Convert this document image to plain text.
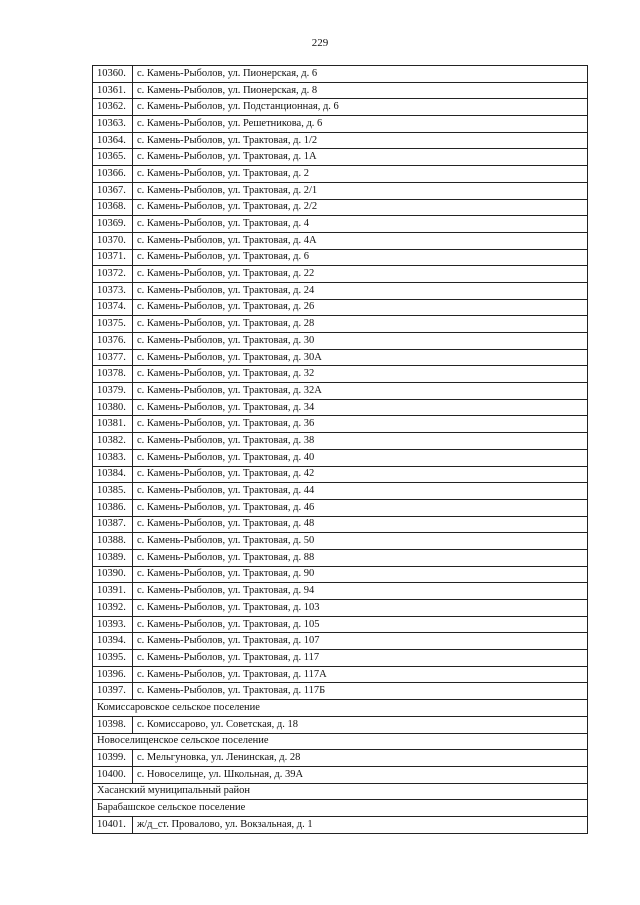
229
10360.	с. Камень-Рыболов, ул. Пионерская, д. 6
10361.	с. Камень-Рыболов, ул. Пионерская, д. 8
10362.	с. Камень-Рыболов, ул. Подстанционная, д. 6
10363.	с. Камень-Рыболов, ул. Решетникова, д. 6
10364.	с. Камень-Рыболов, ул. Трактовая, д. 1/2
10365.	с. Камень-Рыболов, ул. Трактовая, д. 1А
10366.	с. Камень-Рыболов, ул. Трактовая, д. 2
10367.	с. Камень-Рыболов, ул. Трактовая, д. 2/1
10368.	с. Камень-Рыболов, ул. Трактовая, д. 2/2
10369.	с. Камень-Рыболов, ул. Трактовая, д. 4
10370.	с. Камень-Рыболов, ул. Трактовая, д. 4А
10371.	с. Камень-Рыболов, ул. Трактовая, д. 6
10372.	с. Камень-Рыболов, ул. Трактовая, д. 22
10373.	с. Камень-Рыболов, ул. Трактовая, д. 24
10374.	с. Камень-Рыболов, ул. Трактовая, д. 26
10375.	с. Камень-Рыболов, ул. Трактовая, д. 28
10376.	с. Камень-Рыболов, ул. Трактовая, д. 30
10377.	с. Камень-Рыболов, ул. Трактовая, д. 30А
10378.	с. Камень-Рыболов, ул. Трактовая, д. 32
10379.	с. Камень-Рыболов, ул. Трактовая, д. 32А
10380.	с. Камень-Рыболов, ул. Трактовая, д. 34
10381.	с. Камень-Рыболов, ул. Трактовая, д. 36
10382.	с. Камень-Рыболов, ул. Трактовая, д. 38
10383.	с. Камень-Рыболов, ул. Трактовая, д. 40
10384.	с. Камень-Рыболов, ул. Трактовая, д. 42
10385.	с. Камень-Рыболов, ул. Трактовая, д. 44
10386.	с. Камень-Рыболов, ул. Трактовая, д. 46
10387.	с. Камень-Рыболов, ул. Трактовая, д. 48
10388.	с. Камень-Рыболов, ул. Трактовая, д. 50
10389.	с. Камень-Рыболов, ул. Трактовая, д. 88
10390.	с. Камень-Рыболов, ул. Трактовая, д. 90
10391.	с. Камень-Рыболов, ул. Трактовая, д. 94
10392.	с. Камень-Рыболов, ул. Трактовая, д. 103
10393.	с. Камень-Рыболов, ул. Трактовая, д. 105
10394.	с. Камень-Рыболов, ул. Трактовая, д. 107
10395.	с. Камень-Рыболов, ул. Трактовая, д. 117
10396.	с. Камень-Рыболов, ул. Трактовая, д. 117А
10397.	с. Камень-Рыболов, ул. Трактовая, д. 117Б
Комиссаровское сельское поселение	
10398.	с. Комиссарово, ул. Советская, д. 18
Новоселищенское сельское поселение	
10399.	с. Мельгуновка, ул. Ленинская, д. 28
10400.	с. Новоселище, ул. Школьная, д. 39А
Хасанский муниципальный район	
Барабашское сельское поселение	
10401.	ж/д_ст. Провалово, ул. Вокзальная, д. 1
